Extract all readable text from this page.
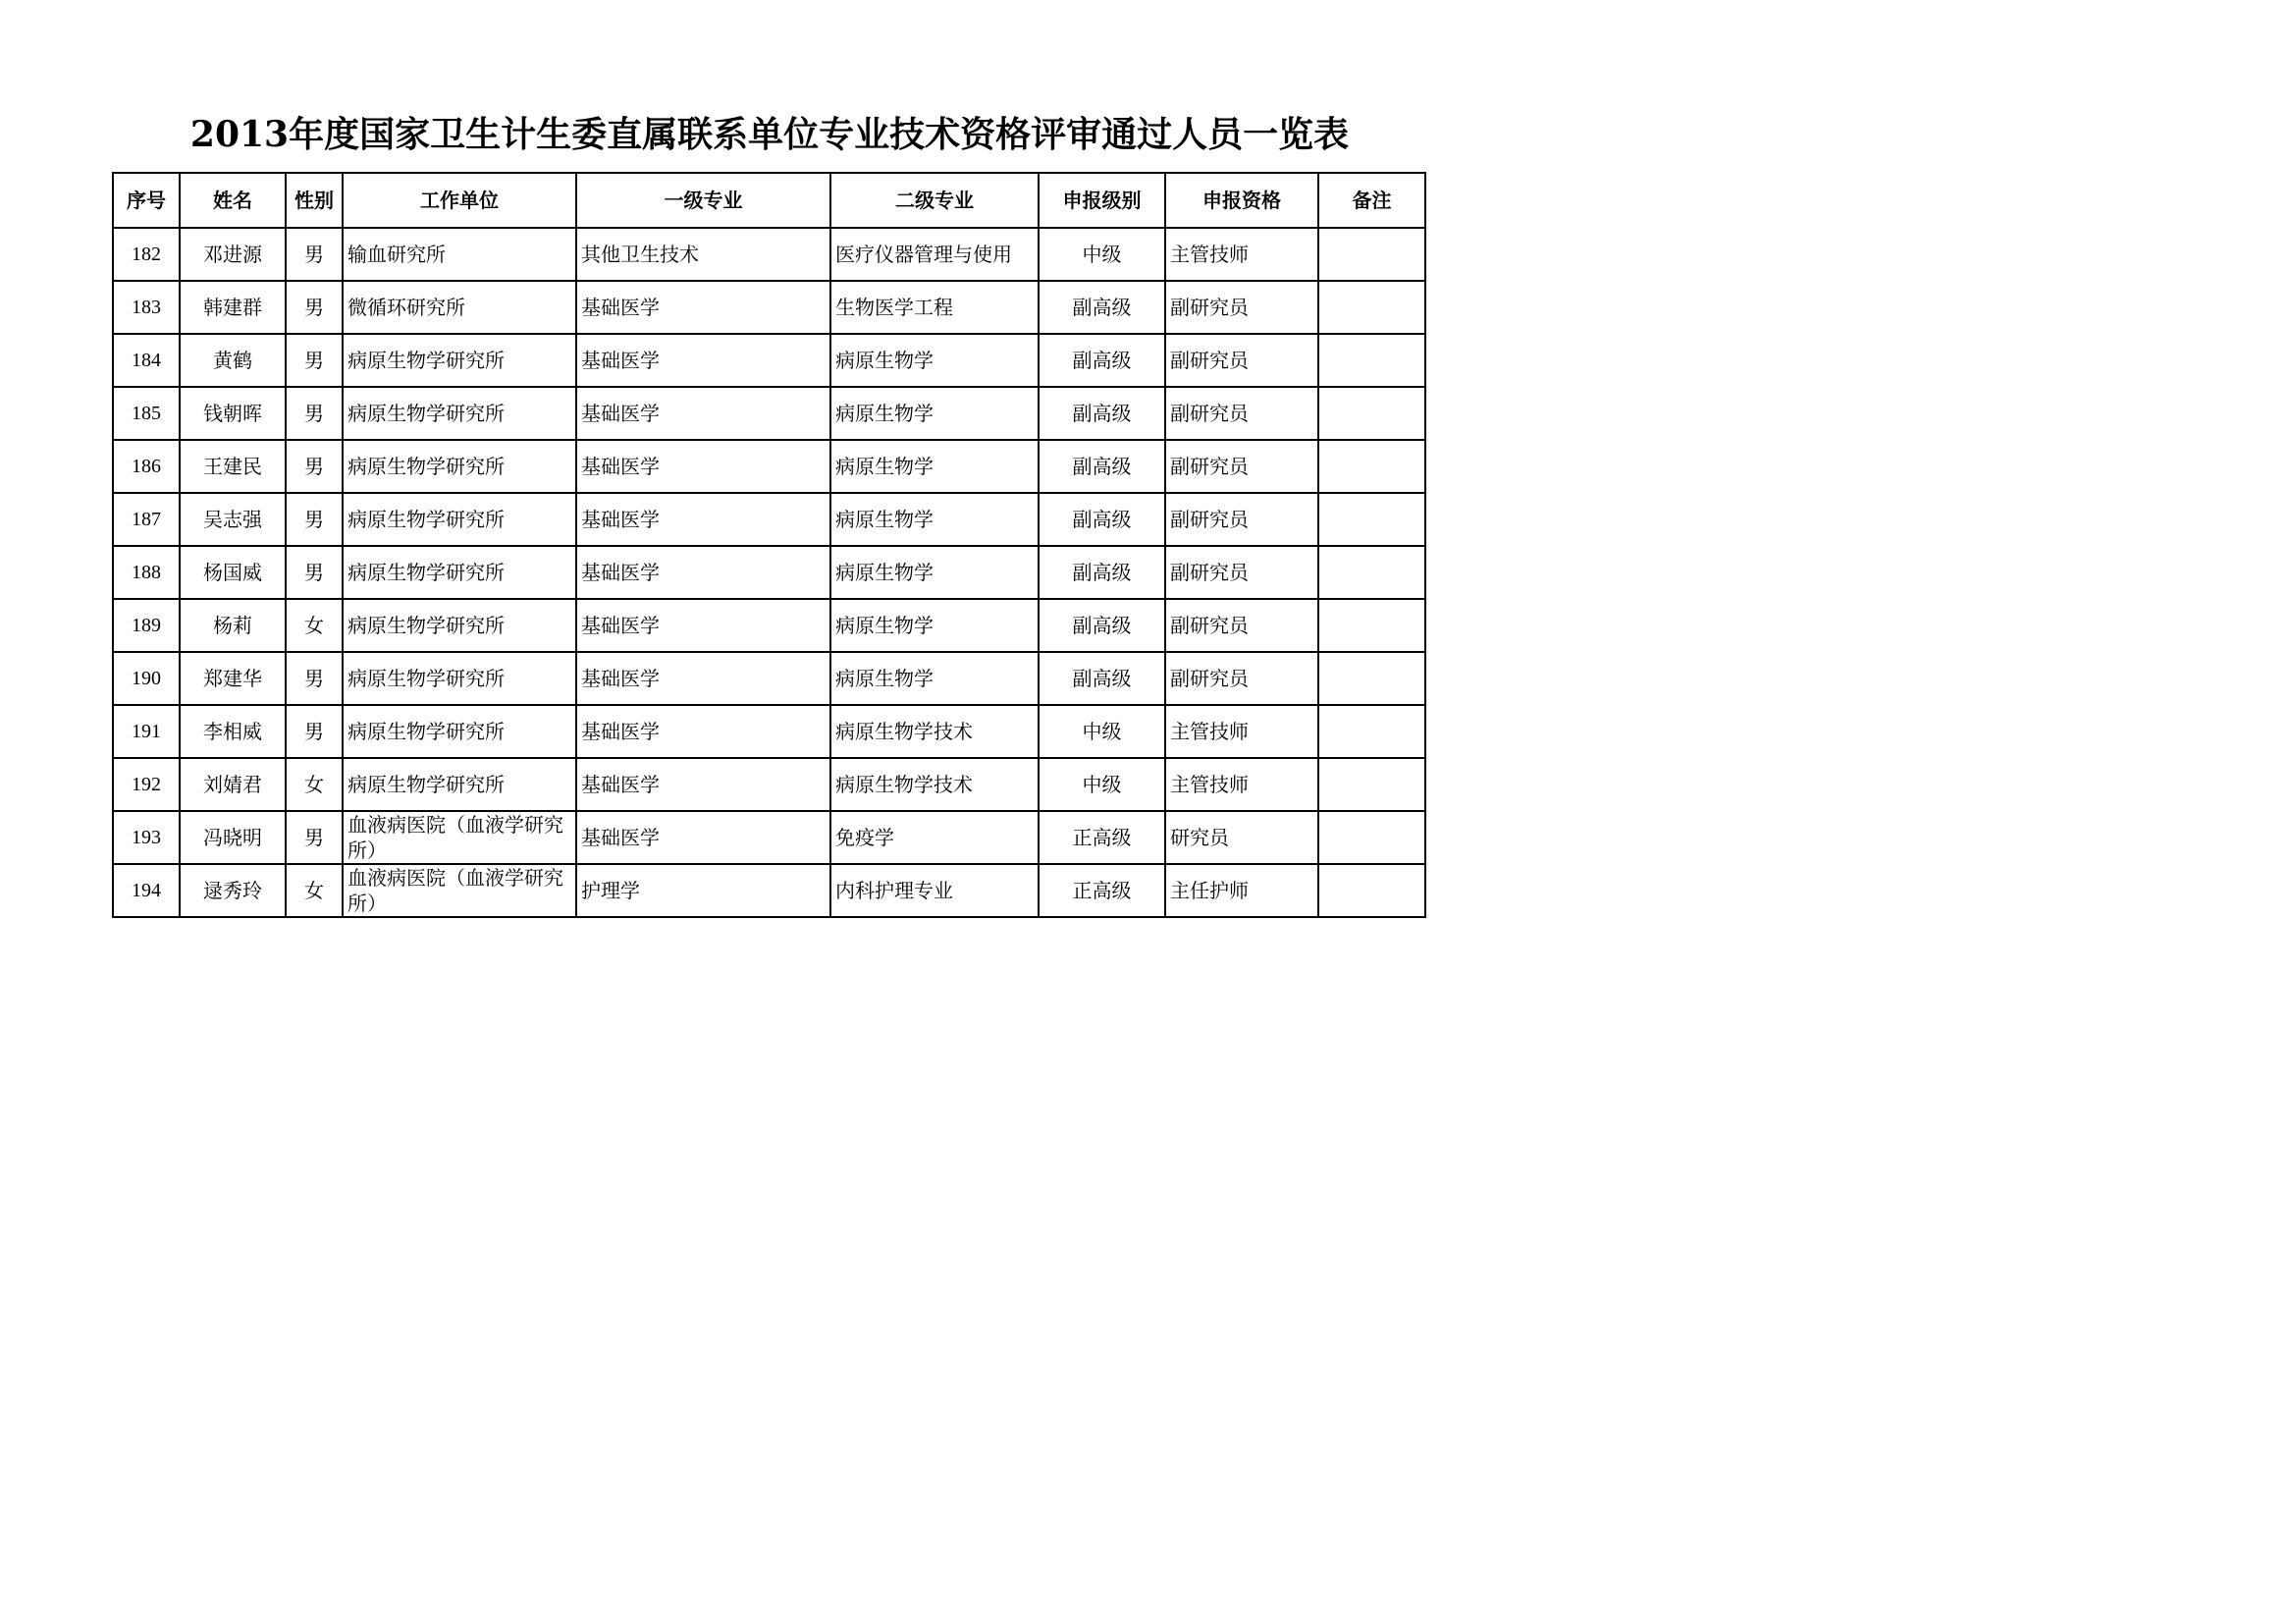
2013年度国家卫生计生委直属联系单位专业技术资格评审通过人员一览表
序号	姓名	性别	工作单位	一级专业	二级专业	申报级别	申报资格	备注
182	邓进源	男	输血研究所	其他卫生技术	医疗仪器管理与使用	中级	主管技师	
183	韩建群	男	微循环研究所	基础医学	生物医学工程	副高级	副研究员	
184	黄鹤	男	病原生物学研究所	基础医学	病原生物学	副高级	副研究员	
185	钱朝晖	男	病原生物学研究所	基础医学	病原生物学	副高级	副研究员	
186	王建民	男	病原生物学研究所	基础医学	病原生物学	副高级	副研究员	
187	吴志强	男	病原生物学研究所	基础医学	病原生物学	副高级	副研究员	
188	杨国威	男	病原生物学研究所	基础医学	病原生物学	副高级	副研究员	
189	杨莉	女	病原生物学研究所	基础医学	病原生物学	副高级	副研究员	
190	郑建华	男	病原生物学研究所	基础医学	病原生物学	副高级	副研究员	
191	李相威	男	病原生物学研究所	基础医学	病原生物学技术	中级	主管技师	
192	刘婧君	女	病原生物学研究所	基础医学	病原生物学技术	中级	主管技师	
193	冯晓明	男	血液病医院（血液学研究所）	基础医学	免疫学	正高级	研究员	
194	逯秀玲	女	血液病医院（血液学研究所）	护理学	内科护理专业	正高级	主任护师	
